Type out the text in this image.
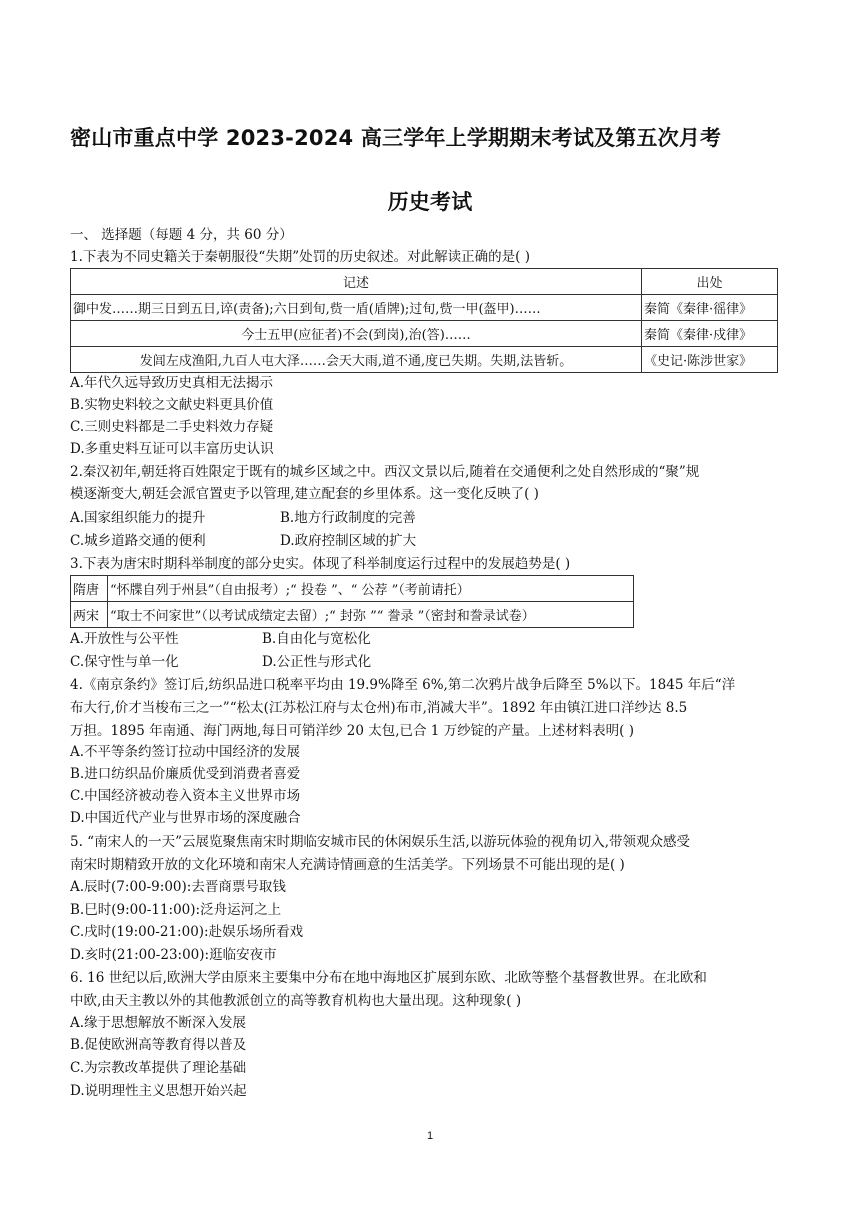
密山市重点中学 2023-2024 高三学年上学期期末考试及第五次月考
历史考试
一、 选择题（每题 4 分，共 60 分）
1.下表为不同史籍关于秦朝服役“失期”处罚的历史叙述。对此解读正确的是( )
记述	出处
御中发……期三日到五日,谇(责备);六日到旬,赀一盾(盾牌);过旬,赀一甲(盔甲)……	秦简《秦律·徭律》
今士五甲(应征者)不会(到岗),治(答)……	秦简《秦律·戍律》
发闾左戍渔阳,九百人屯大泽……会天大雨,道不通,度已失期。失期,法皆斩。	《史记·陈涉世家》
A.年代久远导致历史真相无法揭示
B.实物史料较之文献史料更具价值
C.三则史料都是二手史料效力存疑
D.多重史料互证可以丰富历史认识
2.秦汉初年,朝廷将百姓限定于既有的城乡区域之中。西汉文景以后,随着在交通便利之处自然形成的“聚”规
模逐渐变大,朝廷会派官置吏予以管理,建立配套的乡里体系。这一变化反映了( )
A.国家组织能力的提升	B.地方行政制度的完善
C.城乡道路交通的便利	D.政府控制区域的扩大
3.下表为唐宋时期科举制度的部分史实。体现了科举制度运行过程中的发展趋势是( )
隋唐	“怀牒自列于州县”（自由报考）;“ 投卷 ”、“ 公荐 ”（考前请托）
两宋	“取士不问家世”（以考试成绩定去留）;“ 封弥 ”“ 誊录 ”（密封和誊录试卷）
A.开放性与公平性	B.自由化与宽松化
C.保守性与单一化	D.公正性与形式化
4.《南京条约》签订后,纺织品进口税率平均由 19.9%降至 6%,第二次鸦片战争后降至 5%以下。1845 年后“洋
布大行,价才当梭布三之一”“松太(江苏松江府与太仓州)布市,消减大半”。1892 年由镇江进口洋纱达 8.5
万担。1895 年南通、海门两地,每日可销洋纱 20 太包,已合 1 万纱锭的产量。上述材料表明( )
A.不平等条约签订拉动中国经济的发展
B.进口纺织品价廉质优受到消费者喜爱
C.中国经济被动卷入资本主义世界市场
D.中国近代产业与世界市场的深度融合
5. “南宋人的一天”云展览聚焦南宋时期临安城市民的休闲娱乐生活,以游玩体验的视角切入,带领观众感受
南宋时期精致开放的文化环境和南宋人充满诗情画意的生活美学。下列场景不可能出现的是( )
A.辰时(7:00-9:00):去晋商票号取钱
B.巳时(9:00-11:00):泛舟运河之上
C.戌时(19:00-21:00):赴娱乐场所看戏
D.亥时(21:00-23:00):逛临安夜市
6. 16 世纪以后,欧洲大学由原来主要集中分布在地中海地区扩展到东欧、北欧等整个基督教世界。在北欧和
中欧,由天主教以外的其他教派创立的高等教育机构也大量出现。这种现象( )
A.缘于思想解放不断深入发展
B.促使欧洲高等教育得以普及
C.为宗教改革提供了理论基础
D.说明理性主义思想开始兴起
1
